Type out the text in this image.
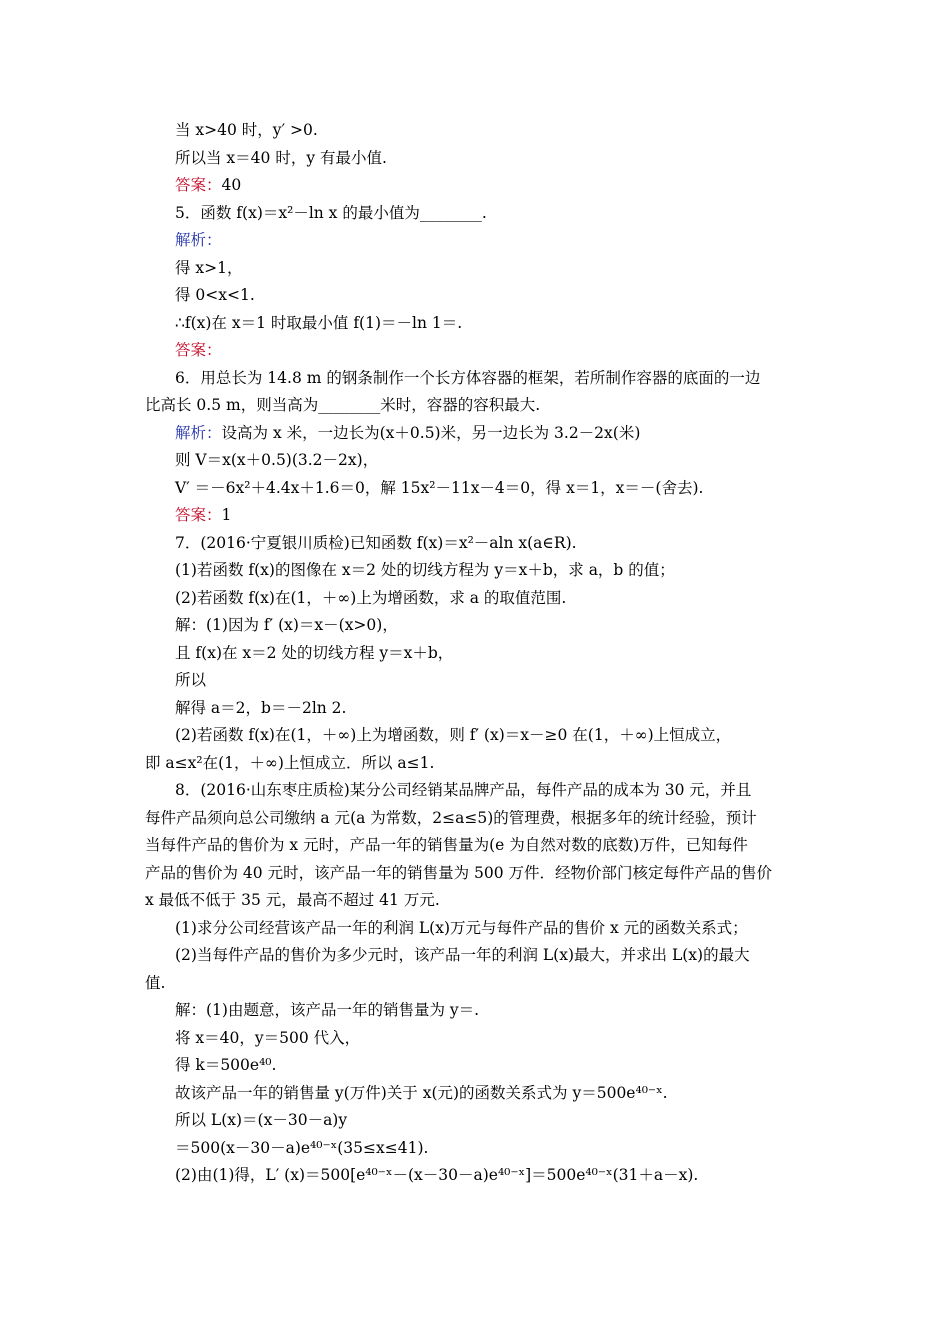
当 x>40 时，y′ >0.
所以当 x＝40 时，y 有最小值.
答案：40
5．函数 f(x)＝x²－ln x 的最小值为________.
解析：
得 x>1，
得 0<x<1.
∴f(x)在 x＝1 时取最小值 f(1)＝－ln 1＝.
答案：
6．用总长为 14.8 m 的钢条制作一个长方体容器的框架，若所制作容器的底面的一边
比高长 0.5 m，则当高为________米时，容器的容积最大.
解析：设高为 x 米，一边长为(x＋0.5)米，另一边长为 3.2－2x(米)
则 V＝x(x＋0.5)(3.2－2x)，
V′ ＝－6x²＋4.4x＋1.6＝0，解 15x²－11x－4＝0，得 x＝1，x＝－(舍去).
答案：1
7．(2016·宁夏银川质检)已知函数 f(x)＝x²－aln x(a∈R).
(1)若函数 f(x)的图像在 x＝2 处的切线方程为 y＝x＋b，求 a，b 的值；
(2)若函数 f(x)在(1，＋∞)上为增函数，求 a 的取值范围.
解：(1)因为 f′ (x)＝x－(x>0)，
且 f(x)在 x＝2 处的切线方程 y＝x＋b，
所以
解得 a＝2，b＝－2ln 2.
(2)若函数 f(x)在(1，＋∞)上为增函数，则 f′ (x)＝x－≥0 在(1，＋∞)上恒成立，
即 a≤x²在(1，＋∞)上恒成立．所以 a≤1.
8．(2016·山东枣庄质检)某分公司经销某品牌产品，每件产品的成本为 30 元，并且
每件产品须向总公司缴纳 a 元(a 为常数，2≤a≤5)的管理费，根据多年的统计经验，预计
当每件产品的售价为 x 元时，产品一年的销售量为(e 为自然对数的底数)万件，已知每件
产品的售价为 40 元时，该产品一年的销售量为 500 万件．经物价部门核定每件产品的售价
x 最低不低于 35 元，最高不超过 41 万元.
(1)求分公司经营该产品一年的利润 L(x)万元与每件产品的售价 x 元的函数关系式；
(2)当每件产品的售价为多少元时，该产品一年的利润 L(x)最大，并求出 L(x)的最大
值.
解：(1)由题意，该产品一年的销售量为 y＝.
将 x＝40，y＝500 代入，
得 k＝500e⁴⁰.
故该产品一年的销售量 y(万件)关于 x(元)的函数关系式为 y＝500e⁴⁰⁻ˣ.
所以 L(x)＝(x－30－a)y
＝500(x－30－a)e⁴⁰⁻ˣ(35≤x≤41).
(2)由(1)得，L′ (x)＝500[e⁴⁰⁻ˣ－(x－30－a)e⁴⁰⁻ˣ]＝500e⁴⁰⁻ˣ(31＋a－x).
